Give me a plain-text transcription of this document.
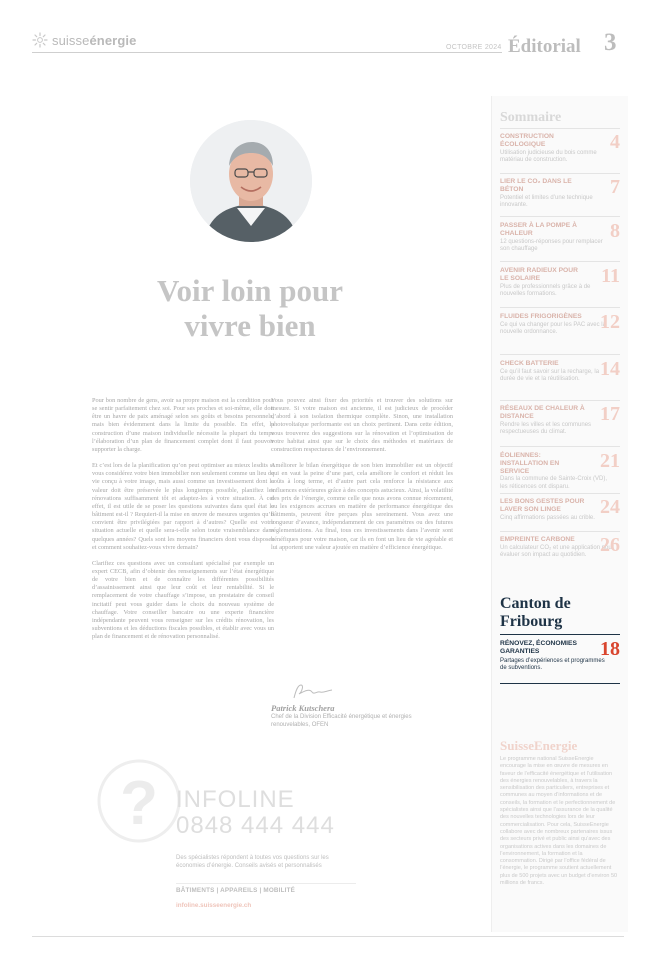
suisseénergie	OCTOBRE 2024 Éditorial 3
Voir loin pour
vivre bien

Pour bon nombre de gens, avoir sa propre maison est la condition pour se sentir parfaitement chez soi. Pour ses proches et soi-même, elle doit être un havre de paix aménagé selon ses goûts et besoins personnels, mais bien évidemment dans la limite du possible. En effet, la construction d’une maison individuelle nécessite la plupart du temps l’élaboration d’un plan de financement complet dont il faut pouvoir supporter la charge.

Et c’est lors de la planification qu’on peut optimiser au mieux lesdits si vous considérez votre bien immobilier non seulement comme un lieu de vie conçu à votre image, mais aussi comme un investissement dont la valeur doit être préservée le plus longtemps possible, planifiez les rénovations suffisamment tôt et adaptez-les à votre situation. À cet effet, il est utile de se poser les questions suivantes dans quel état le bâtiment est-il ? Requiert-il la mise en œuvre de mesures urgentes qu’il convient être privilégiées par rapport à d’autres? Quelle est votre situation actuelle et quelle sera-t-elle selon toute vraisemblance dans quelques années? Quels sont les moyens financiers dont vous disposez et comment souhaitez-vous vivre demain?

Clarifiez ces questions avec un consultant spécialisé par exemple un expert CECB, afin d’obtenir des renseignements sur l’état énergétique de votre bien et de connaître les différentes possibilités d’assainissement ainsi que leur coût et leur rentabilité. Si le remplacement de votre chauffage s’impose, un prestataire de conseil incitatif peut vous guider dans le choix du nouveau système de chauffage. Votre conseiller bancaire ou une experte financière indépendante peuvent vous renseigner sur les crédits rénovation, les subventions et les déductions fiscales possibles, et établir avec vous un plan de financement et de rénovation personnalisé.

Vous pouvez ainsi fixer des priorités et trouver des solutions sur mesure. Si votre maison est ancienne, il est judicieux de procéder d’abord à son isolation thermique complète. Sinon, une installation photovoltaïque performante est un choix pertinent. Dans cette édition, vous trouverez des suggestions sur la rénovation et l’optimisation de votre habitat ainsi que sur le choix des méthodes et matériaux de construction respectueux de l’environnement.

Améliorer le bilan énergétique de son bien immobilier est un objectif qui en vaut la peine d’une part, cela améliore le confort et réduit les coûts à long terme, et d’autre part cela renforce la résistance aux influences extérieures grâce à des concepts astucieux. Ainsi, la volatilité des prix de l’énergie, comme celle que nous avons connue récemment, ou les exigences accrues en matière de performance énergétique des bâtiments, peuvent être perçues plus sereinement. Vous avez une longueur d’avance, indépendamment de ces paramètres ou des futures réglementations. Au final, tous ces investissements dans l’avenir sont bénéfiques pour votre maison, car ils en font un lieu de vie agréable et lui apportent une valeur ajoutée en matière d’efficience énergétique.

Patrick Kutschera
Chef de la Division Efficacité énergétique et énergies renouvelables, OFEN
? INFOLINE
0848 444 444
Des spécialistes répondent à toutes vos questions sur les économies d’énergie. Conseils avisés et personnalisés
BÂTIMENTS | APPAREILS | MOBILITÉ
infoline.suisseenergie.ch
Sommaire
CONSTRUCTION ÉCOLOGIQUE
Utilisation judicieuse du bois comme matériau de construction.
4
LIER LE CO₂ DANS LE BÉTON
Potentiel et limites d’une technique innovante.
7
PASSER À LA POMPE À CHALEUR
12 questions-réponses pour remplacer son chauffage
8
AVENIR RADIEUX POUR LE SOLAIRE
Plus de professionnels grâce à de nouvelles formations.
11
FLUIDES FRIGORIGÈNES
Ce qui va changer pour les PAC avec la nouvelle ordonnance.	12
CHECK BATTERIE
Ce qu’il faut savoir sur la recharge, la durée de vie et la réutilisation.	14
RÉSEAUX DE CHALEUR À DISTANCE
Rendre les villes et les communes respectueuses du climat.
17
ÉOLIENNES: INSTALLATION EN SERVICE
Dans la commune de Sainte-Croix (VD), les réticences ont disparu.
21
LES BONS GESTES POUR LAVER SON LINGE
Cinq affirmations passées au crible. 24
EMPREINTE CARBONE
Un calculateur CO₂ et une application pour évaluer son impact au quotidien. 26
Canton de
Fribourg
RÉNOVEZ, ÉCONOMIES GARANTIES
Partages d’expériences et programmes de subventions.
18
SuisseEnergie
Le programme national SuisseEnergie encourage la mise en œuvre de mesures en faveur de l’efficacité énergétique et l’utilisation des énergies renouvelables, à travers la sensibilisation des particuliers, entreprises et communes au moyen d’informations et de conseils, la formation et le perfectionnement de spécialistes ainsi que l’assurance de la qualité des nouvelles technologies lors de leur commercialisation. Pour cela, SuisseEnergie collabore avec de nombreux partenaires issus des secteurs privé et public ainsi qu’avec des organisations actives dans les domaines de l’environnement, la formation et la consommation. Dirigé par l’office fédéral de l’énergie, le programme soutient actuellement plus de 500 projets avec un budget d’environ 50 millions de francs.
